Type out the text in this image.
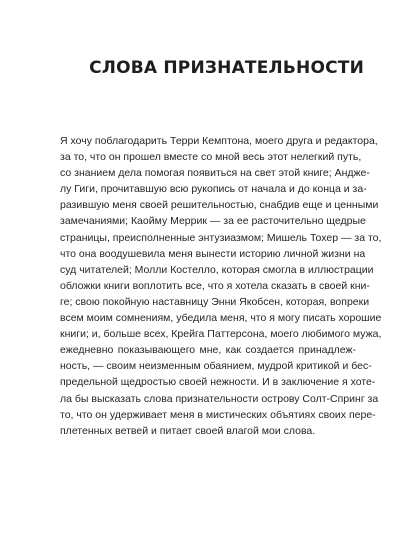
СЛОВА ПРИЗНАТЕЛЬНОСТИ
Я хочу поблагодарить Терри Кемптона, моего друга и редактора,
за то, что он прошел вместе со мной весь этот нелегкий путь,
со знанием дела помогая появиться на свет этой книге; Андже-
лу Гиги, прочитавшую всю рукопись от начала и до конца и за-
разившую меня своей решительностью, снабдив еще и ценными
замечаниями; Каойму Меррик — за ее расточительно щедрые
страницы, преисполненные энтузиазмом; Мишель Тохер — за то,
что она воодушевила меня вынести историю личной жизни на
суд читателей; Молли Костелло, которая смогла в иллюстрации
обложки книги воплотить все, что я хотела сказать в своей кни-
ге; свою покойную наставницу Энни Якобсен, которая, вопреки
всем моим сомнениям, убедила меня, что я могу писать хорошие
книги; и, больше всех, Крейга Паттерсона, моего любимого мужа,
ежедневно показывающего мне, как создается принадлеж-
ность, — своим неизменным обаянием, мудрой критикой и бес-
предельной щедростью своей нежности. И в заключение я хоте-
ла бы высказать слова признательности острову Солт-Спринг за
то, что он удерживает меня в мистических объятиях своих пере-
плетенных ветвей и питает своей влагой мои слова.
